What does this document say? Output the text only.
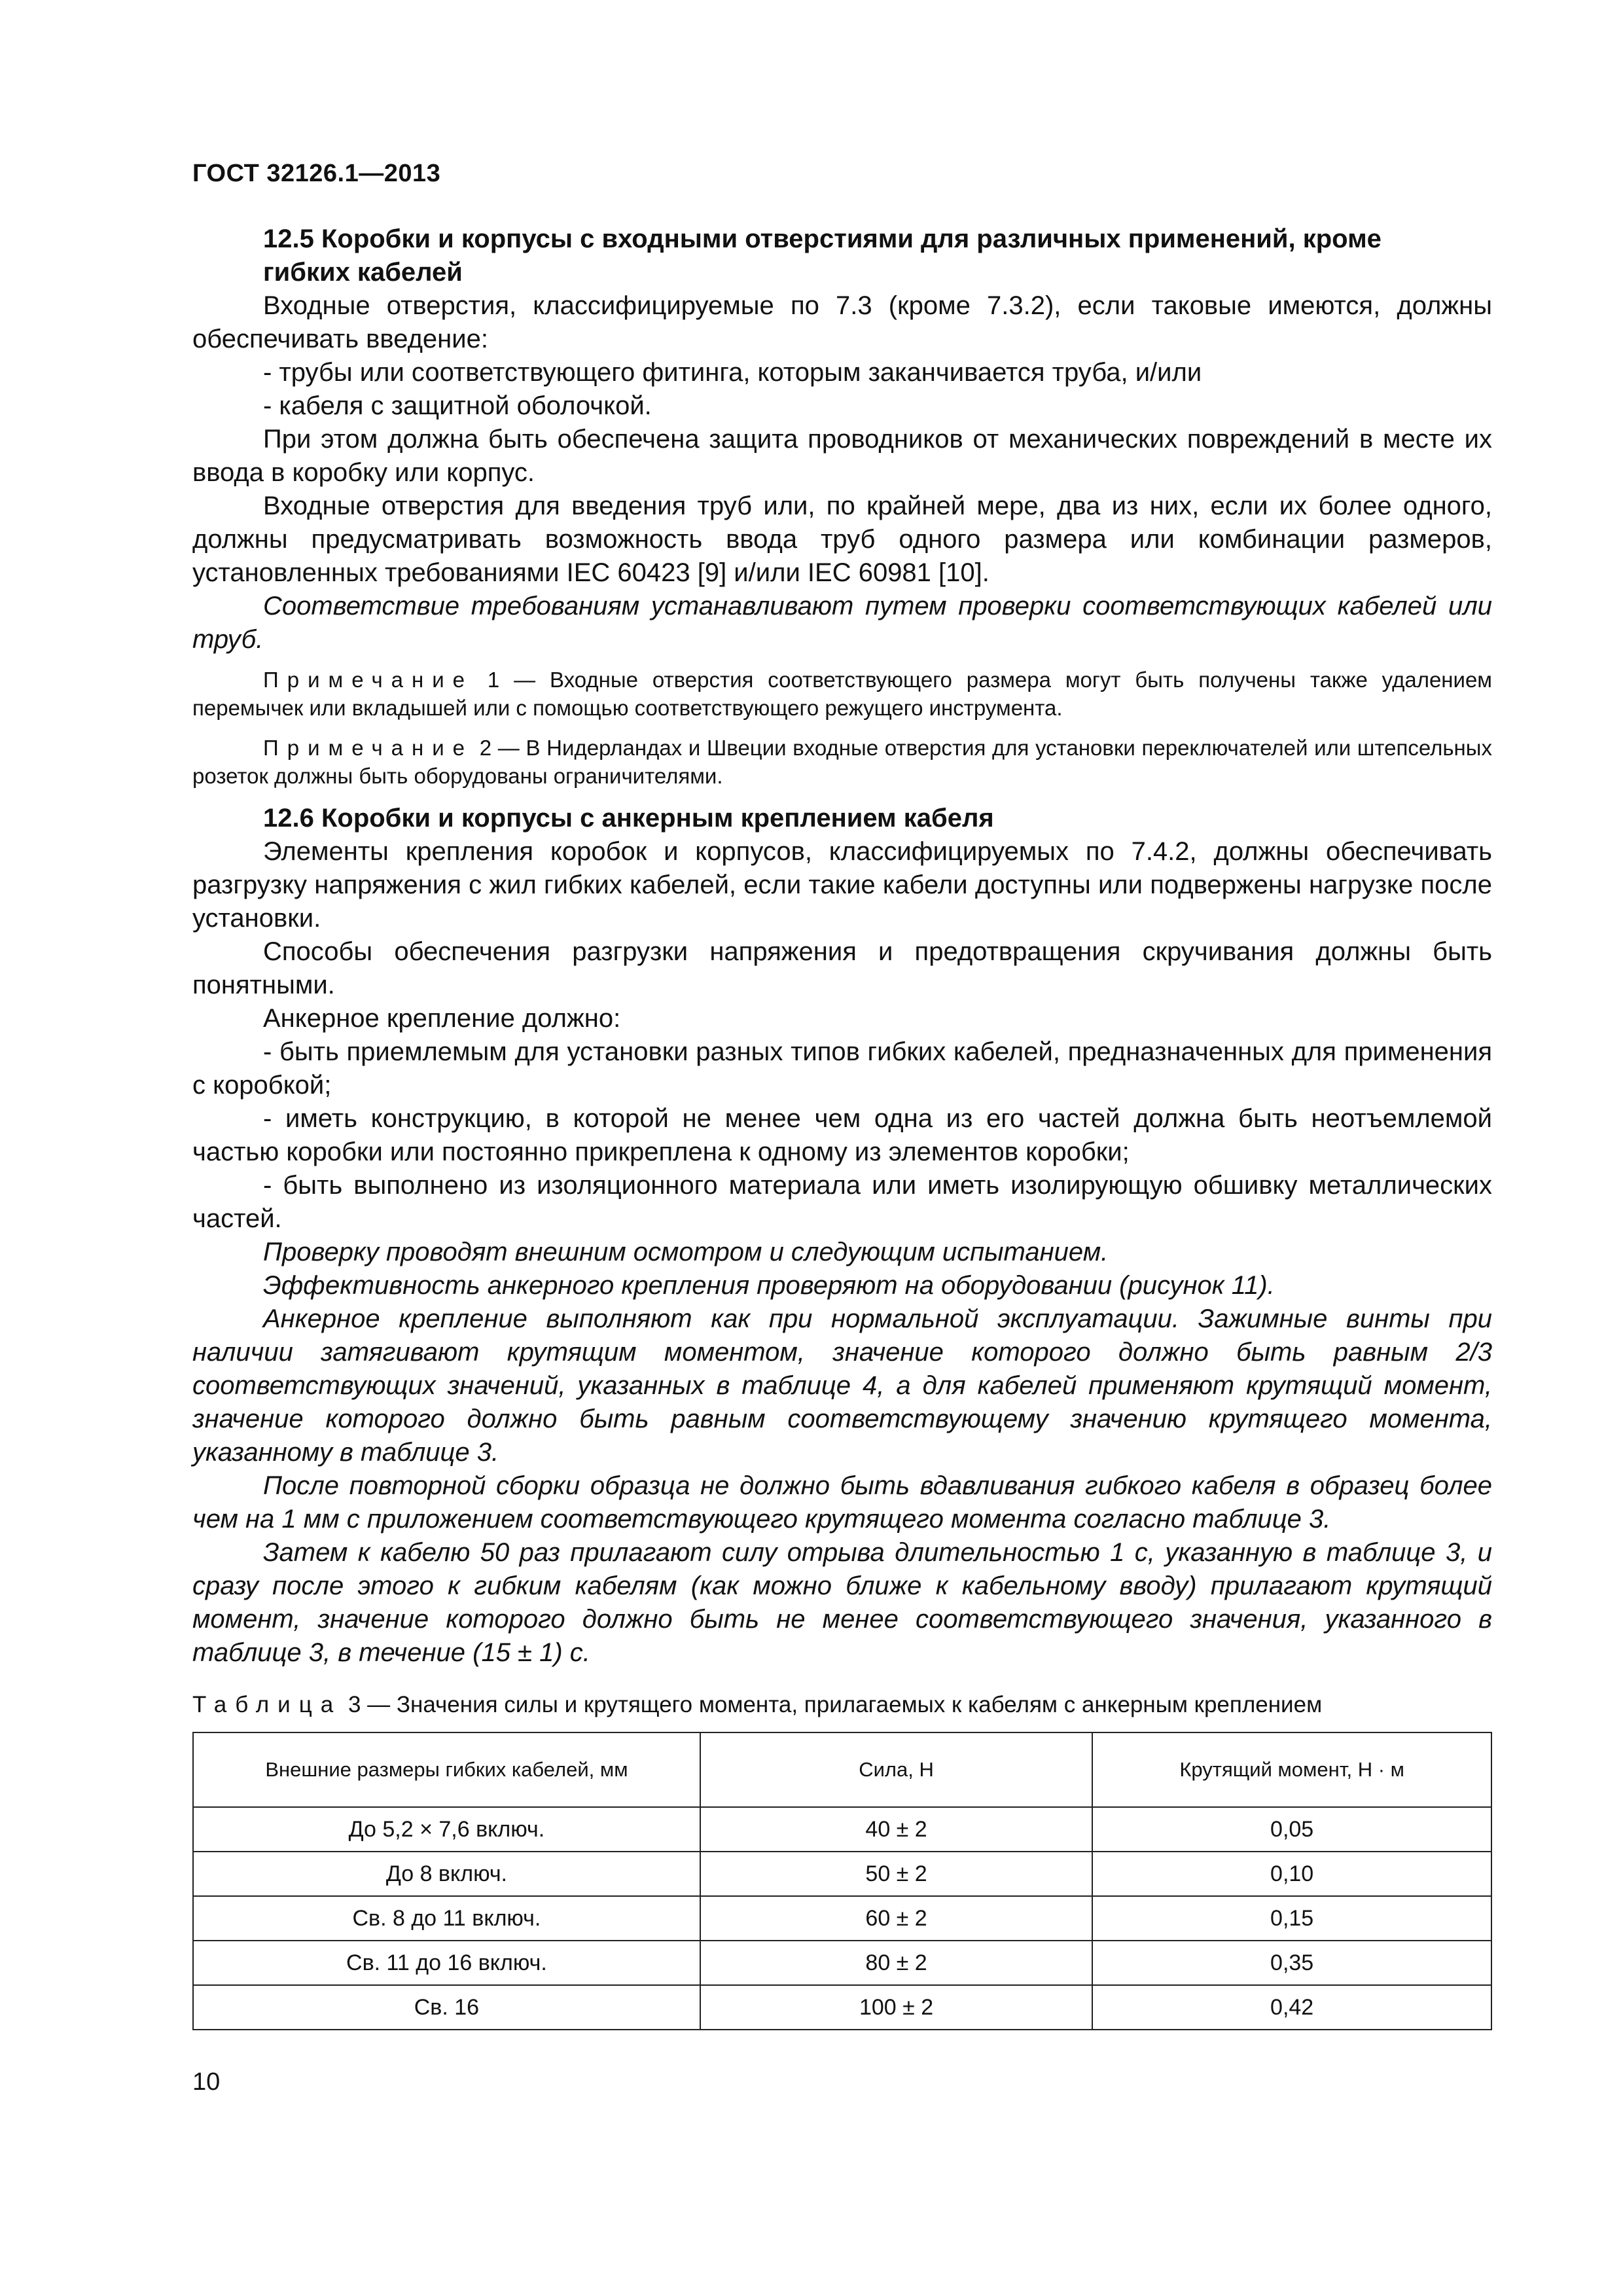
ГОСТ 32126.1—2013

12.5 Коробки и корпусы с входными отверстиями для различных применений, кроме

гибких кабелей

Входные отверстия, классифицируемые по 7.3 (кроме 7.3.2), если таковые имеются, должны обеспечивать введение:

- трубы или соответствующего фитинга, которым заканчивается труба, и/или

- кабеля с защитной оболочкой.

При этом должна быть обеспечена защита проводников от механических повреждений в месте их ввода в коробку или корпус.

Входные отверстия для введения труб или, по крайней мере, два из них, если их более одного, должны предусматривать возможность ввода труб одного размера или комбинации размеров, установленных требованиями IEC 60423 [9] и/или IEC 60981 [10].

Соответствие требованиям устанавливают путем проверки соответствующих кабелей или труб.

Примечание 1 — Входные отверстия соответствующего размера могут быть получены также удалением перемычек или вкладышей или с помощью соответствующего режущего инструмента.

Примечание 2 — В Нидерландах и Швеции входные отверстия для установки переключателей или штепсельных розеток должны быть оборудованы ограничителями.

12.6 Коробки и корпусы с анкерным креплением кабеля

Элементы крепления коробок и корпусов, классифицируемых по 7.4.2, должны обеспечивать разгрузку напряжения с жил гибких кабелей, если такие кабели доступны или подвержены нагрузке после установки.

Способы обеспечения разгрузки напряжения и предотвращения скручивания должны быть понятными.

Анкерное крепление должно:

- быть приемлемым для установки разных типов гибких кабелей, предназначенных для применения с коробкой;

- иметь конструкцию, в которой не менее чем одна из его частей должна быть неотъемлемой частью коробки или постоянно прикреплена к одному из элементов коробки;

- быть выполнено из изоляционного материала или иметь изолирующую обшивку металлических частей.

Проверку проводят внешним осмотром и следующим испытанием.

Эффективность анкерного крепления проверяют на оборудовании (рисунок 11).

Анкерное крепление выполняют как при нормальной эксплуатации. Зажимные винты при наличии затягивают крутящим моментом, значение которого должно быть равным 2/3 соответствующих значений, указанных в таблице 4, а для кабелей применяют крутящий момент, значение которого должно быть равным соответствующему значению крутящего момента, указанному в таблице 3.

После повторной сборки образца не должно быть вдавливания гибкого кабеля в образец более чем на 1 мм с приложением соответствующего крутящего момента согласно таблице 3.

Затем к кабелю 50 раз прилагают силу отрыва длительностью 1 с, указанную в таблице 3, и сразу после этого к гибким кабелям (как можно ближе к кабельному вводу) прилагают крутящий момент, значение которого должно быть не менее соответствующего значения, указанного в таблице 3, в течение (15 ± 1) с.

Таблица 3 — Значения силы и крутящего момента, прилагаемых к кабелям с анкерным креплением
Внешние размеры гибких кабелей, мм	Сила, Н	Крутящий момент, Н · м
До 5,2 × 7,6 включ.	40 ± 2	0,05
До 8 включ.	50 ± 2	0,10
Св. 8 до 11 включ.	60 ± 2	0,15
Св. 11 до 16 включ.	80 ± 2	0,35
Св. 16	100 ± 2	0,42
10
